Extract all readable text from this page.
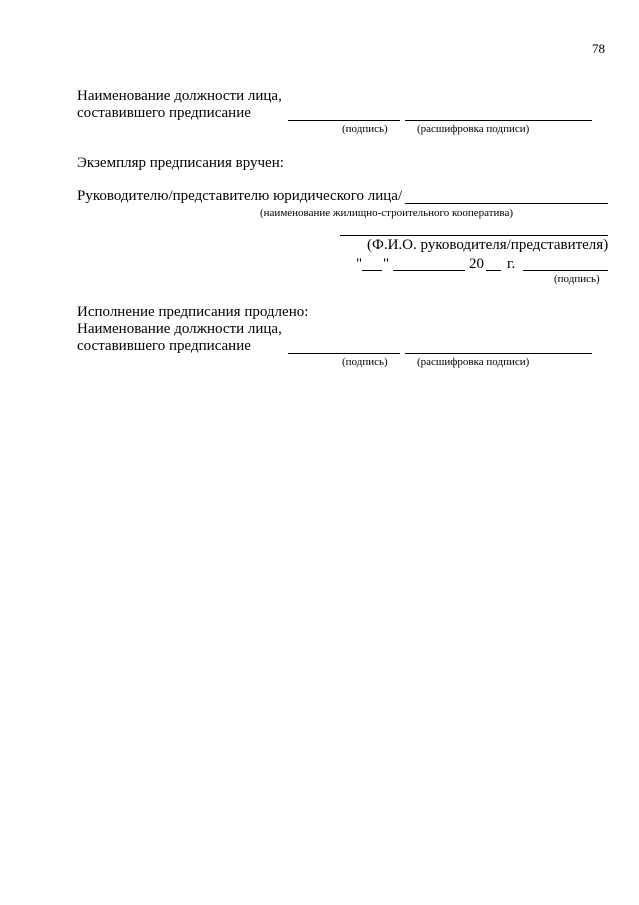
78
Наименование должности лица,
составившего предписание
(подпись)	(расшифровка подписи)
Экземпляр предписания вручен:
Руководителю/представителю юридического лица/
(наименование жилищно-строительного кооператива)
(Ф.И.О. руководителя/представителя)
" "	20 г.
(подпись)
Исполнение предписания продлено:
Наименование должности лица,
составившего предписание
(подпись)	(расшифровка подписи)
